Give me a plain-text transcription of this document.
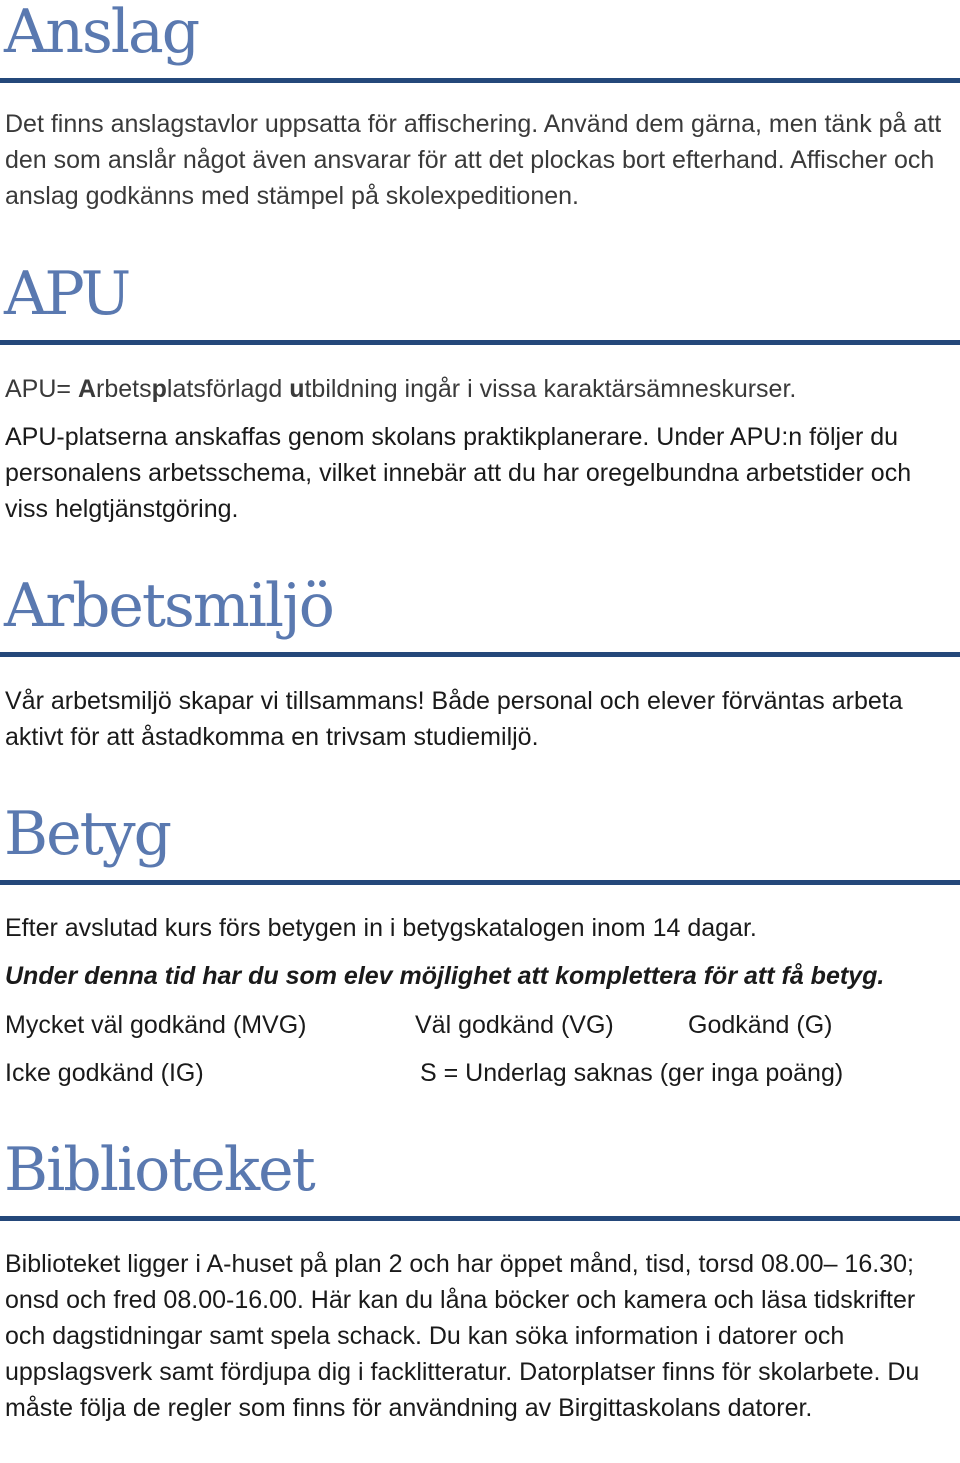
Anslag

Det finns anslagstavlor uppsatta för affischering. Använd dem gärna, men tänk på att den som anslår något även ansvarar för att det plockas bort efterhand. Affischer och anslag godkänns med stämpel på skolexpeditionen.

APU

APU= Arbetsplatsförlagd utbildning ingår i vissa karaktärsämneskurser.

APU-platserna anskaffas genom skolans praktikplanerare. Under APU:n följer du personalens arbetsschema, vilket innebär att du har oregelbundna arbetstider och viss helgtjänstgöring.

Arbetsmiljö

Vår arbetsmiljö skapar vi tillsammans! Både personal och elever förväntas arbeta aktivt för att åstadkomma en trivsam studiemiljö.

Betyg

Efter avslutad kurs förs betygen in i betygskatalogen inom 14 dagar.

Under denna tid har du som elev möjlighet att komplettera för att få betyg.

Mycket väl godkänd (MVG)	Väl godkänd (VG)	Godkänd (G)

Icke godkänd (IG)	S = Underlag saknas (ger inga poäng)

Biblioteket

Biblioteket ligger i A-huset på plan 2 och har öppet månd, tisd, torsd 08.00– 16.30; onsd och fred 08.00-16.00. Här kan du låna böcker och kamera och läsa tidskrifter och dagstidningar samt spela schack. Du kan söka information i datorer och uppslagsverk samt fördjupa dig i facklitteratur. Datorplatser finns för skolarbete. Du måste följa de regler som finns för användning av Birgittaskolans datorer.
